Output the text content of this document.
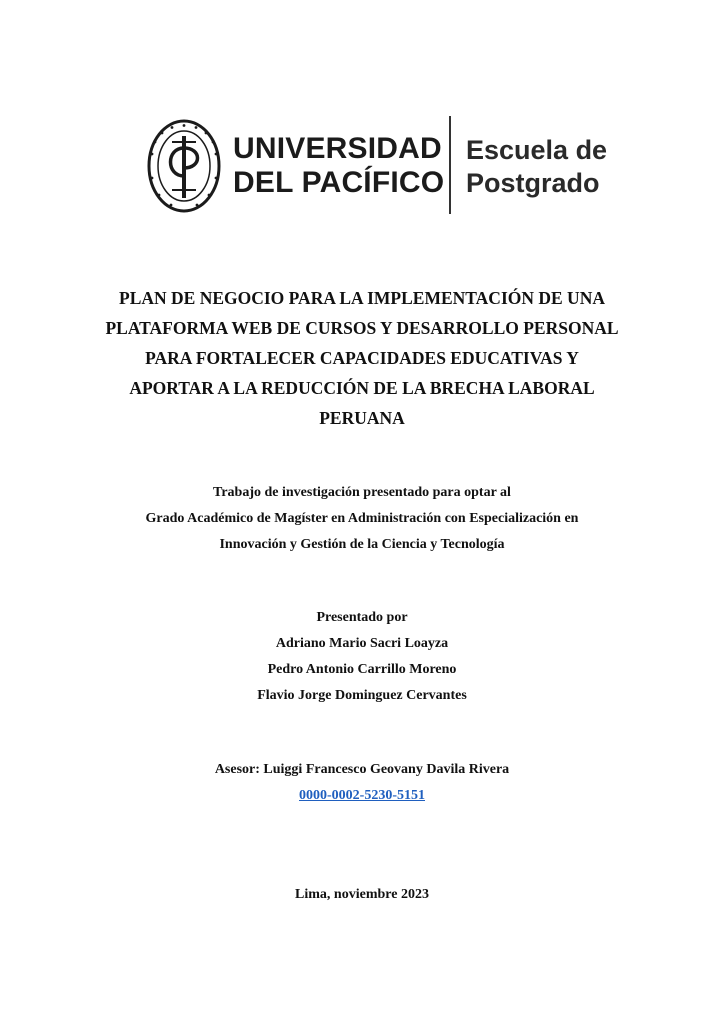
UNIVERSIDAD
DEL PACÍFICO
Escuela de
Postgrado
PLAN DE NEGOCIO PARA LA IMPLEMENTACIÓN DE UNA
PLATAFORMA WEB DE CURSOS Y DESARROLLO PERSONAL
PARA FORTALECER CAPACIDADES EDUCATIVAS Y
APORTAR A LA REDUCCIÓN DE LA BRECHA LABORAL
PERUANA
Trabajo de investigación presentado para optar al
Grado Académico de Magíster en Administración con Especialización en
Innovación y Gestión de la Ciencia y Tecnología
Presentado por
Adriano Mario Sacri Loayza
Pedro Antonio Carrillo Moreno
Flavio Jorge Dominguez Cervantes
Asesor: Luiggi Francesco Geovany Davila Rivera
0000-0002-5230-5151
Lima, noviembre 2023
